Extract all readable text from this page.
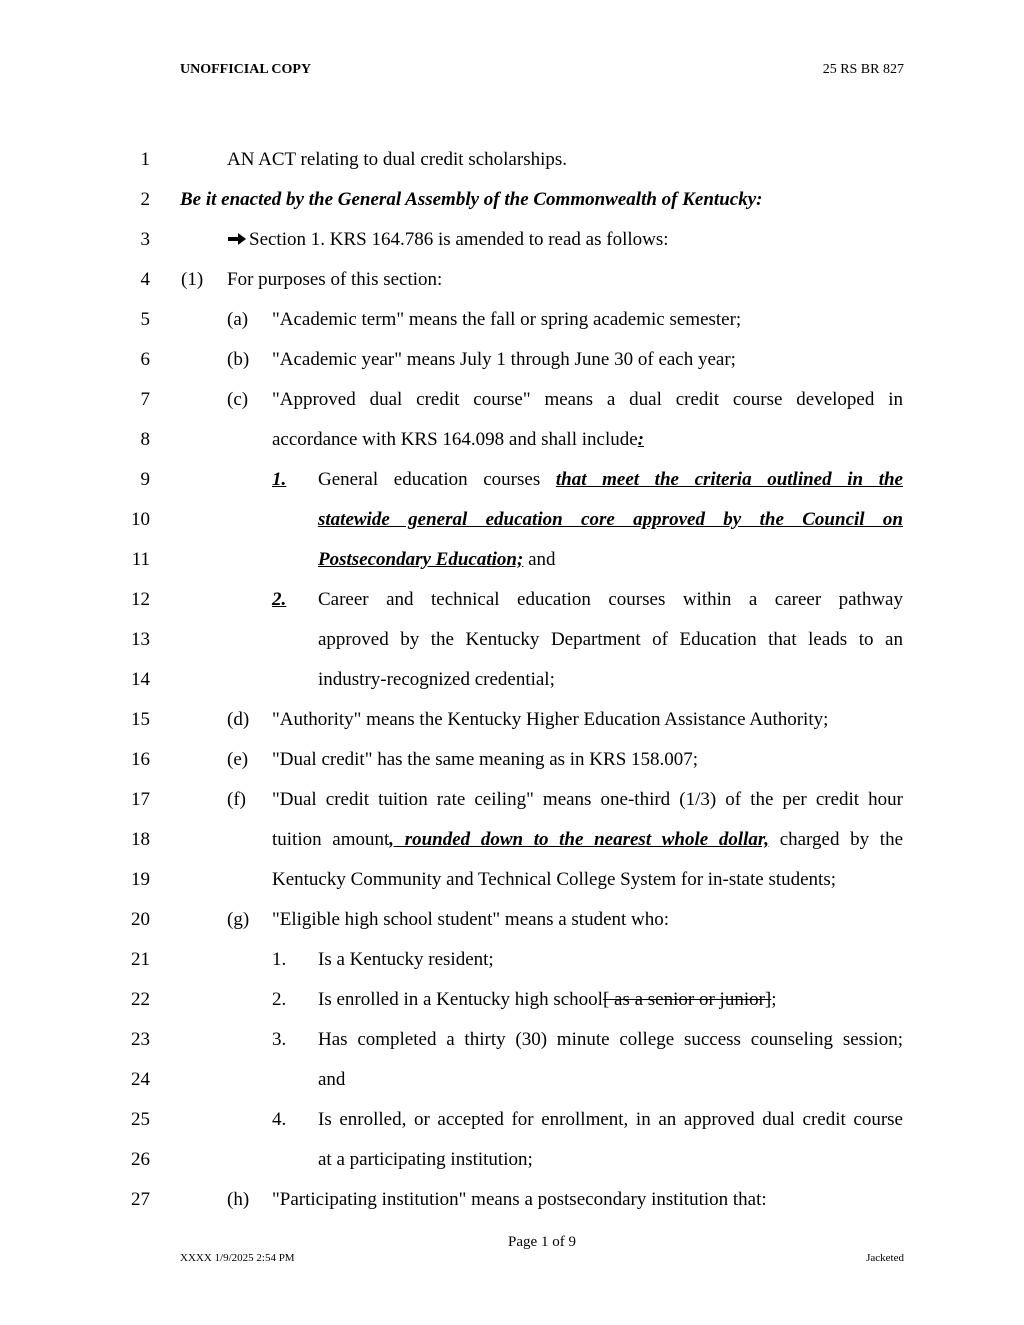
UNOFFICIAL COPY	25 RS BR 827
1	AN ACT relating to dual credit scholarships.
2 Be it enacted by the General Assembly of the Commonwealth of Kentucky:
3	Section 1. KRS 164.786 is amended to read as follows:
4 (1) For purposes of this section:
5	(a) "Academic term" means the fall or spring academic semester;
6	(b) "Academic year" means July 1 through June 30 of each year;
7	(c) "Approved dual credit course" means a dual credit course developed in
8	accordance with KRS 164.098 and shall include:
9	1. General education courses that meet the criteria outlined in the
10	statewide general education core approved by the Council on
11	Postsecondary Education; and
12	2. Career and technical education courses within a career pathway
13	approved by the Kentucky Department of Education that leads to an
14	industry-recognized credential;
15	(d) "Authority" means the Kentucky Higher Education Assistance Authority;
16	(e) "Dual credit" has the same meaning as in KRS 158.007;
17	(f) "Dual credit tuition rate ceiling" means one-third (1/3) of the per credit hour
18	tuition amount, rounded down to the nearest whole dollar, charged by the
19	Kentucky Community and Technical College System for in-state students;
20	(g) "Eligible high school student" means a student who:
21	1. Is a Kentucky resident;
22	2. Is enrolled in a Kentucky high school[ as a senior or junior];
23	3. Has completed a thirty (30) minute college success counseling session;
24	and
25	4. Is enrolled, or accepted for enrollment, in an approved dual credit course
26	at a participating institution;
27	(h) "Participating institution" means a postsecondary institution that:
Page 1 of 9
XXXX 1/9/2025 2:54 PM	Jacketed
